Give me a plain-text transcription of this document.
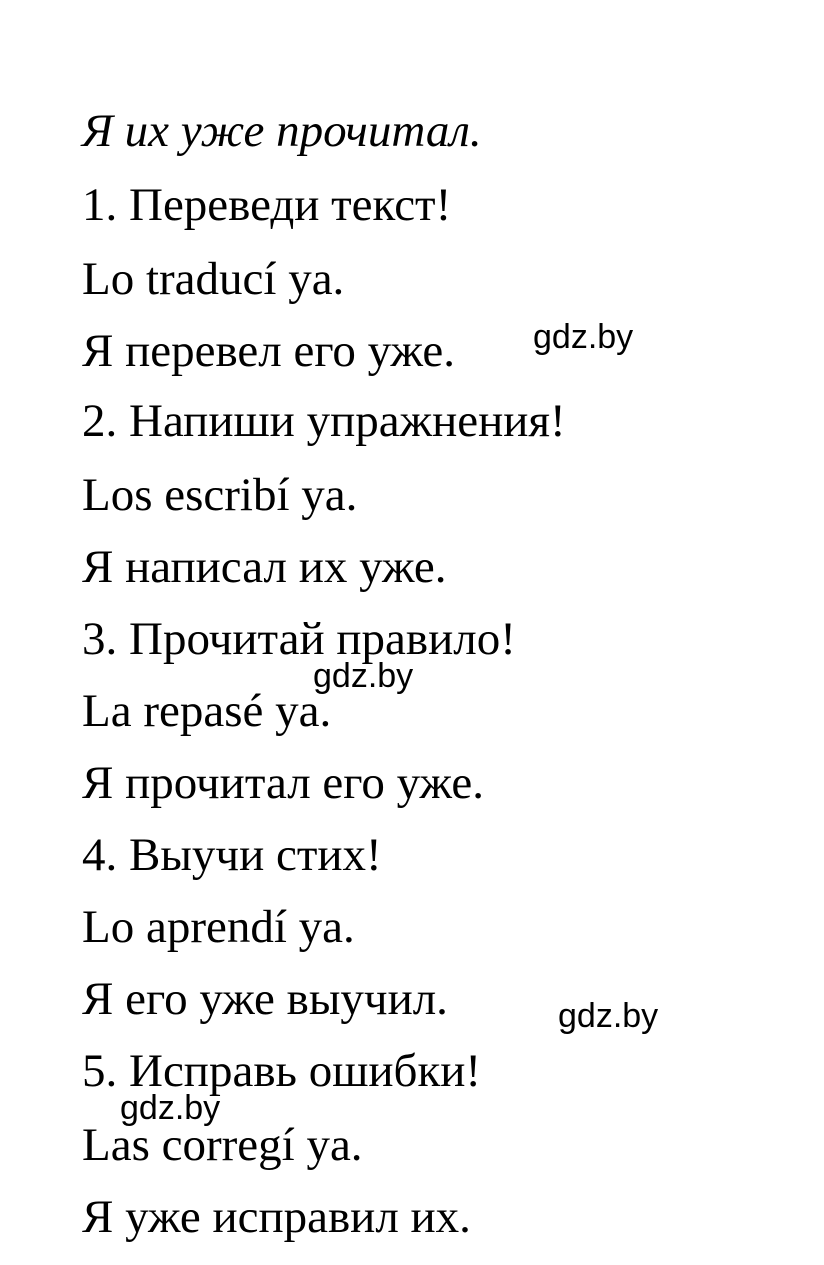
Я их уже прочитал.
1. Переведи текст!
Lo traducí ya.
Я перевел его уже.
2. Напиши упражнения!
Los escribí ya.
Я написал их уже.
3. Прочитай правило!
La repasé ya.
Я прочитал его уже.
4. Выучи стих!
Lo aprendí ya.
Я его уже выучил.
5. Исправь ошибки!
Las corregí ya.
Я уже исправил их.
gdz.by
gdz.by
gdz.by
gdz.by
